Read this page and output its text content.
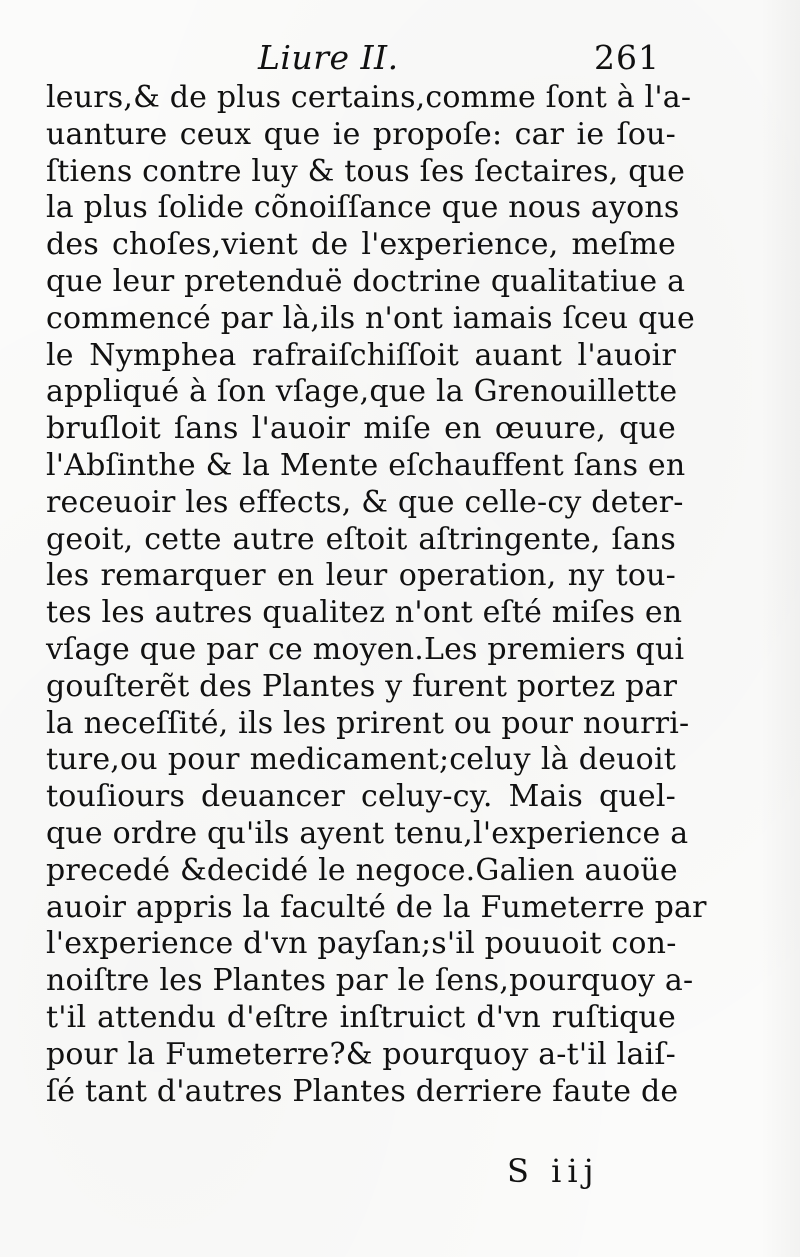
Liure II.	261
leurs,& de plus certains,comme ſont à l'a-
uanture ceux que ie propoſe: car ie ſou-
ſtiens contre luy & tous ſes ſectaires, que
la plus ſolide cõnoiſſance que nous ayons
des choſes,vient de l'experience, meſme
que leur pretenduë doctrine qualitatiue a
commencé par là,ils n'ont iamais ſceu que
le Nymphea rafraiſchiſſoit auant l'auoir
appliqué à ſon vſage,que la Grenouillette
bruſloit ſans l'auoir miſe en œuure, que
l'Abſinthe & la Mente eſchauffent ſans en
receuoir les effects, & que celle-cy deter-
geoit, cette autre eſtoit aſtringente, ſans
les remarquer en leur operation, ny tou-
tes les autres qualitez n'ont eſté miſes en
vſage que par ce moyen.Les premiers qui
gouſterẽt des Plantes y furent portez par
la neceſſité, ils les prirent ou pour nourri-
ture,ou pour medicament;celuy là deuoit
touſiours deuancer celuy-cy. Mais quel-
que ordre qu'ils ayent tenu,l'experience a
precedé &decidé le negoce.Galien auoüe
auoir appris la faculté de la Fumeterre par
l'experience d'vn payſan;s'il pouuoit con-
noiſtre les Plantes par le ſens,pourquoy a-
t'il attendu d'eſtre inſtruict d'vn ruſtique
pour la Fumeterre?& pourquoy a-t'il laiſ-
ſé tant d'autres Plantes derriere faute de
S iij
